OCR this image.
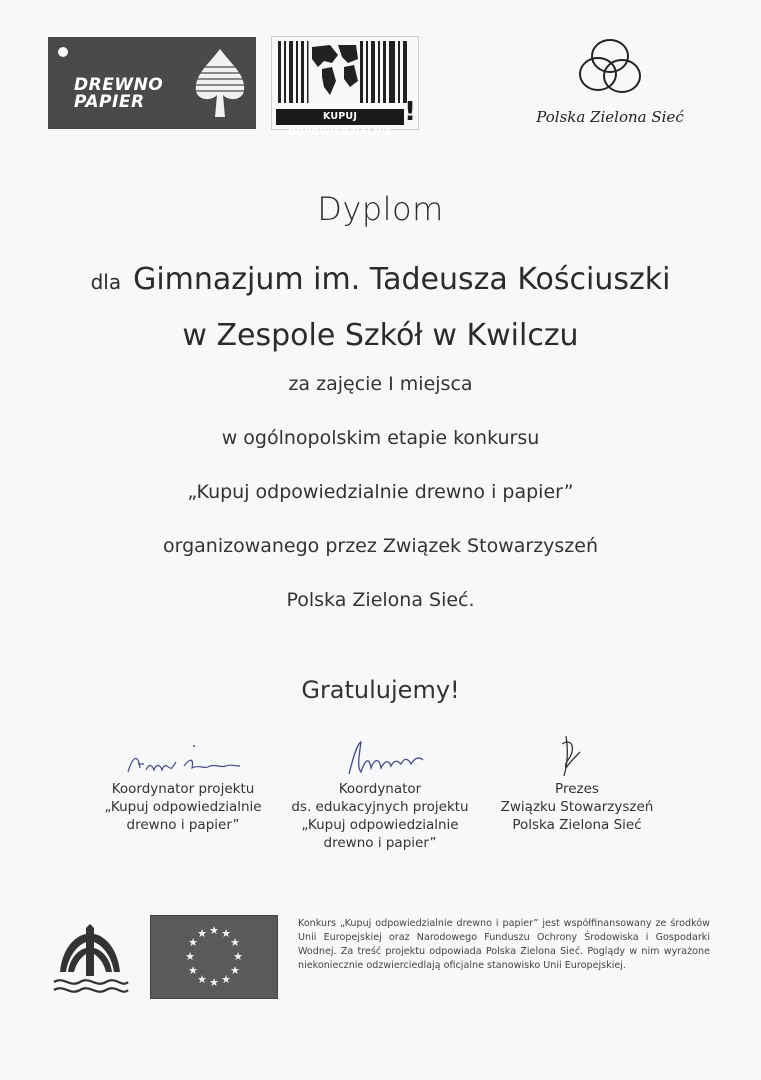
DREWNO PAPIER
KUPUJ ODPOWIEDZIALNIE
!	Polska Zielona Sieć
Dyplom
dla Gimnazjum im. Tadeusza Kościuszki
w Zespole Szkół w Kwilczu
za zajęcie I miejsca
w ogólnopolskim etapie konkursu
„Kupuj odpowiedzialnie drewno i papier”
organizowanego przez Związek Stowarzyszeń
Polska Zielona Sieć.
Gratulujemy!
Koordynator projektu
„Kupuj odpowiedzialnie
drewno i papier”
Koordynator
ds. edukacyjnych projektu
„Kupuj odpowiedzialnie
drewno i papier”
Prezes
Związku Stowarzyszeń
Polska Zielona Sieć
★ ★
★
★
★
★
★
★
★
★
★
★
Konkurs „Kupuj odpowiedzialnie drewno i papier” jest współfinansowany ze środków Unii Europejskiej oraz Narodowego Funduszu Ochrony Środowiska i Gospodarki Wodnej. Za treść projektu odpowiada Polska Zielona Sieć. Poglądy w nim wyrażone niekoniecznie odzwierciedlają oficjalne stanowisko Unii Europejskiej.
